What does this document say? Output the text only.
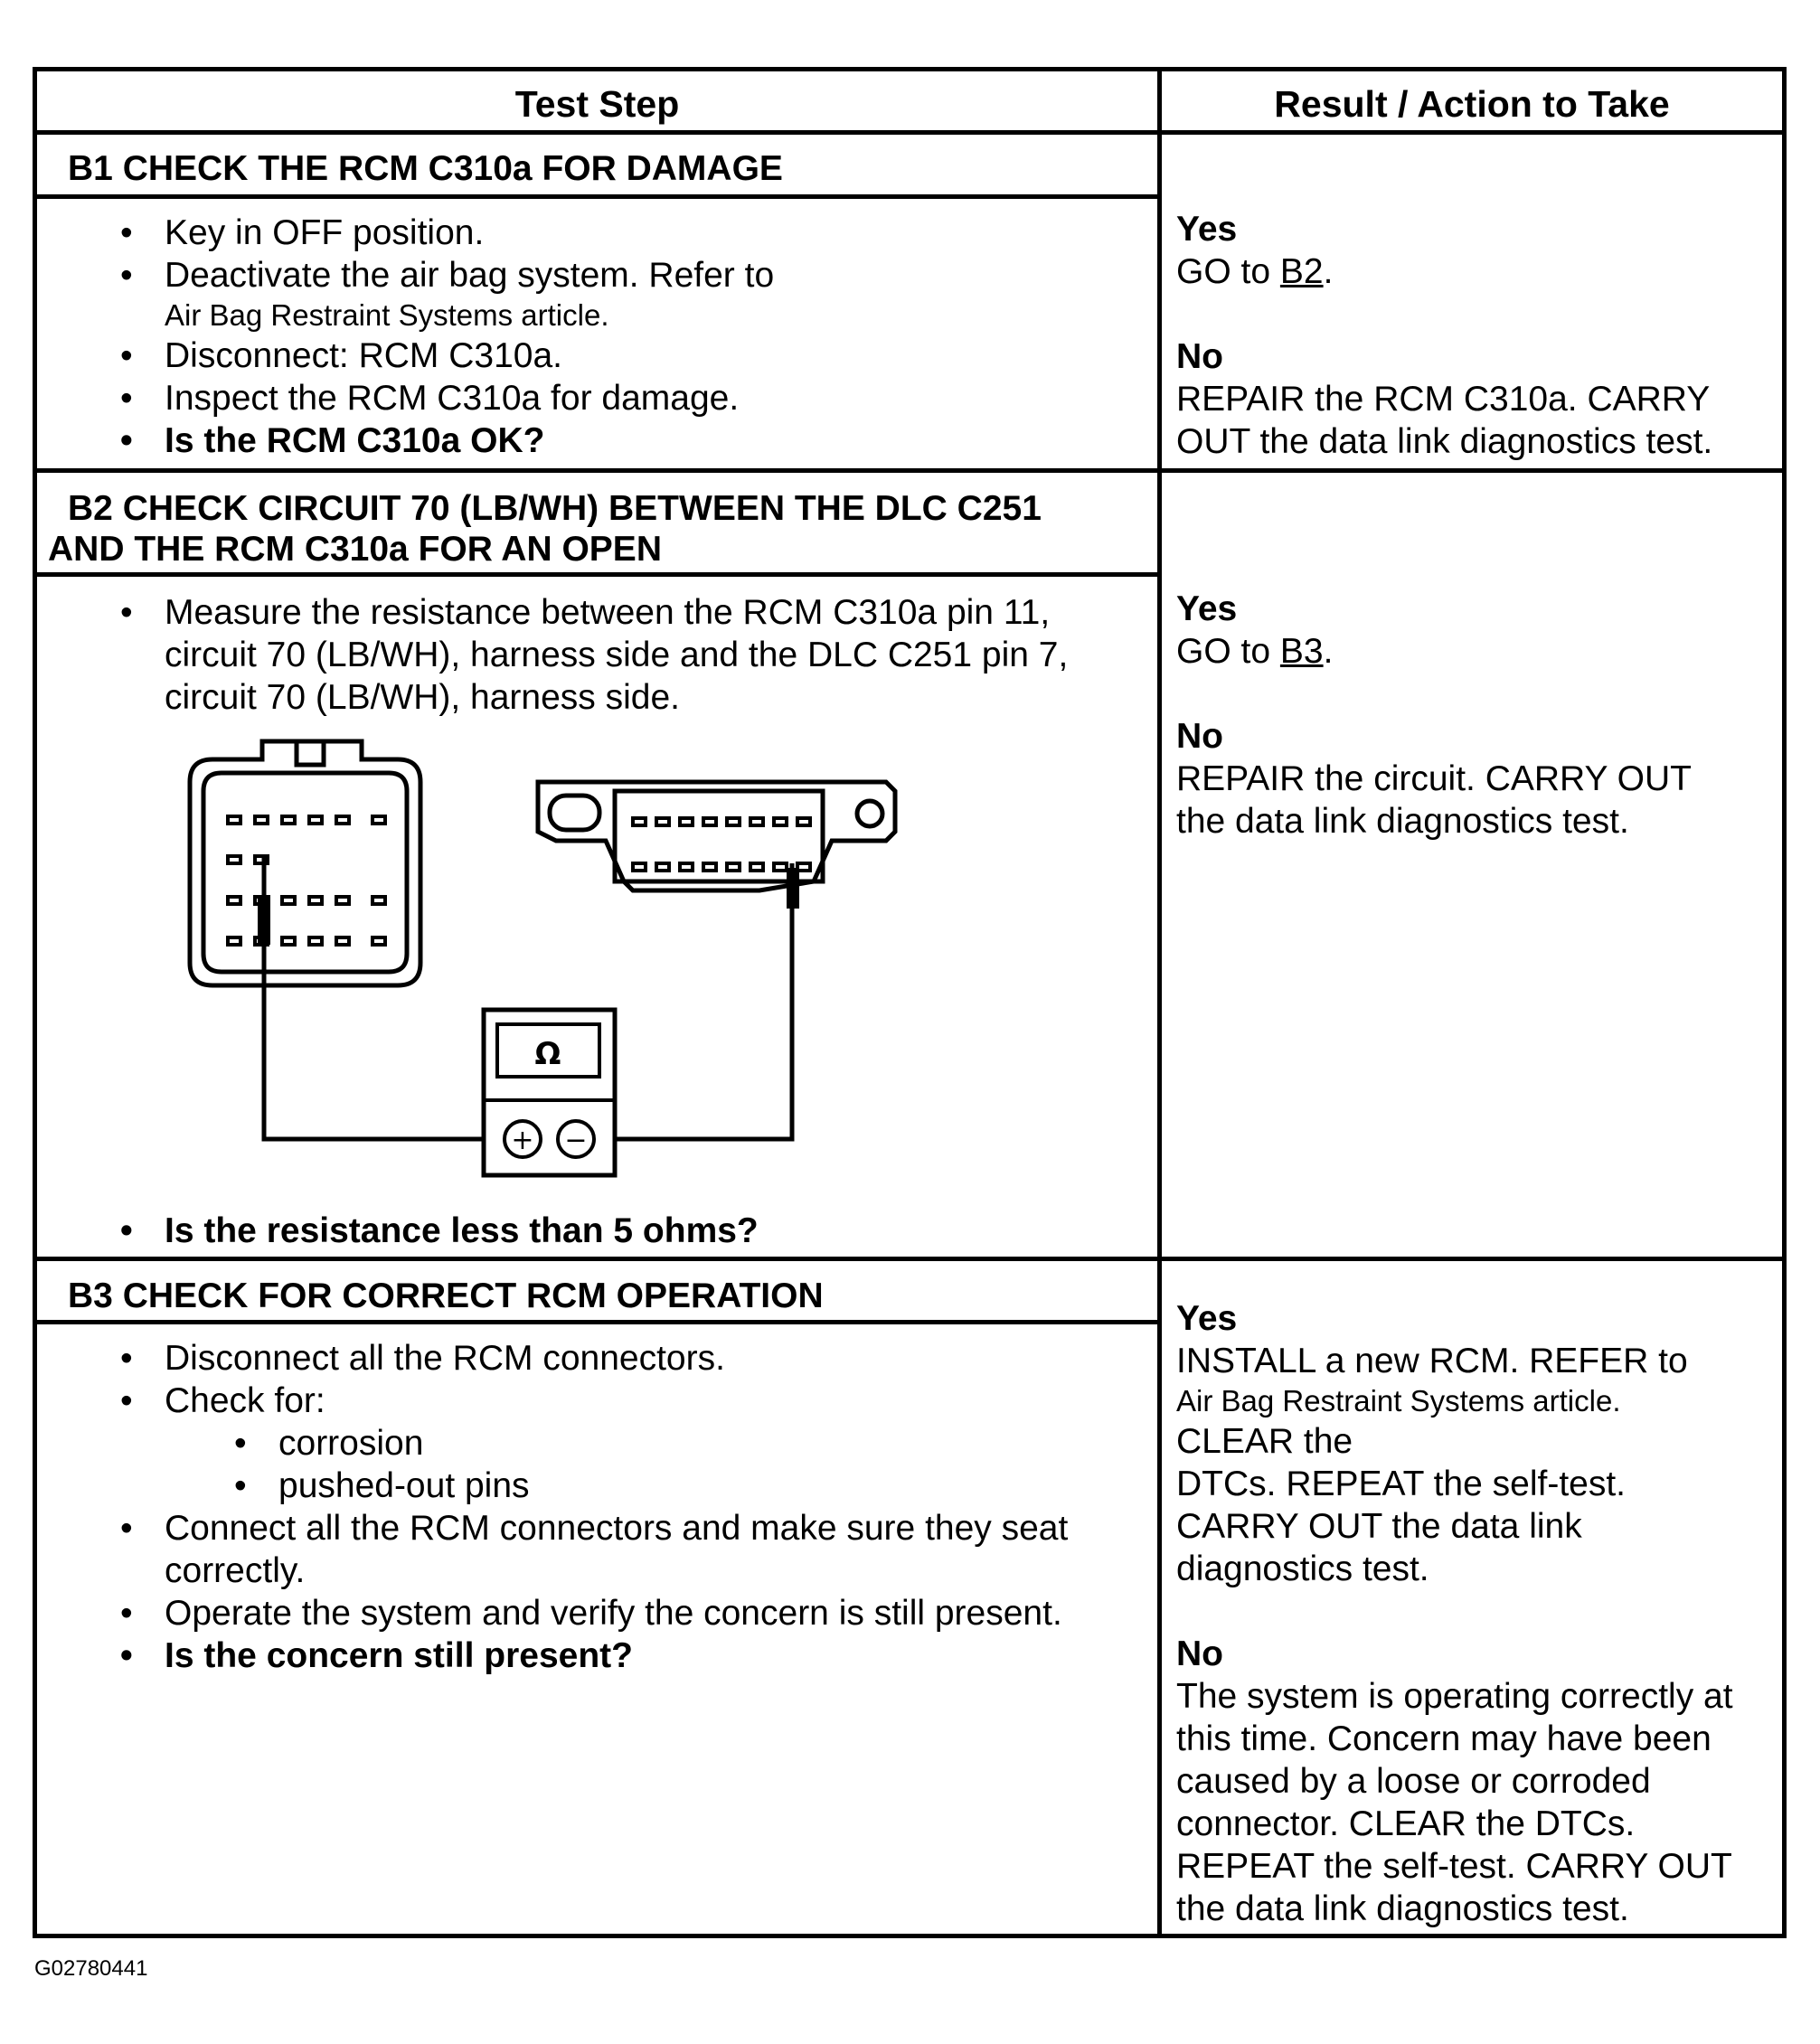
Test Step	Result / Action to Take
B1 CHECK THE RCM C310a FOR DAMAGE
• Key in OFF position.
• Deactivate the air bag system. Refer to
Air Bag Restraint Systems article.
• Disconnect: RCM C310a.
• Inspect the RCM C310a for damage.
• Is the RCM C310a OK?
Yes
GO to B2.
No
REPAIR the RCM C310a. CARRY
OUT the data link diagnostics test.
B2 CHECK CIRCUIT 70 (LB/WH) BETWEEN THE DLC C251
AND THE RCM C310a FOR AN OPEN
• Measure the resistance between the RCM C310a pin 11,
circuit 70 (LB/WH), harness side and the DLC C251 pin 7,
circuit 70 (LB/WH), harness side.
Ω
+ −
• Is the resistance less than 5 ohms?
Yes
GO to B3.
No
REPAIR the circuit. CARRY OUT
the data link diagnostics test.
B3 CHECK FOR CORRECT RCM OPERATION
• Disconnect all the RCM connectors.
• Check for:
• corrosion
• pushed-out pins
• Connect all the RCM connectors and make sure they seat
correctly.
• Operate the system and verify the concern is still present.
• Is the concern still present?
Yes
INSTALL a new RCM. REFER to
Air Bag Restraint Systems article.
CLEAR the
DTCs. REPEAT the self-test.
CARRY OUT the data link
diagnostics test.
No
The system is operating correctly at
this time. Concern may have been
caused by a loose or corroded
connector. CLEAR the DTCs.
REPEAT the self-test. CARRY OUT
the data link diagnostics test.
G02780441
